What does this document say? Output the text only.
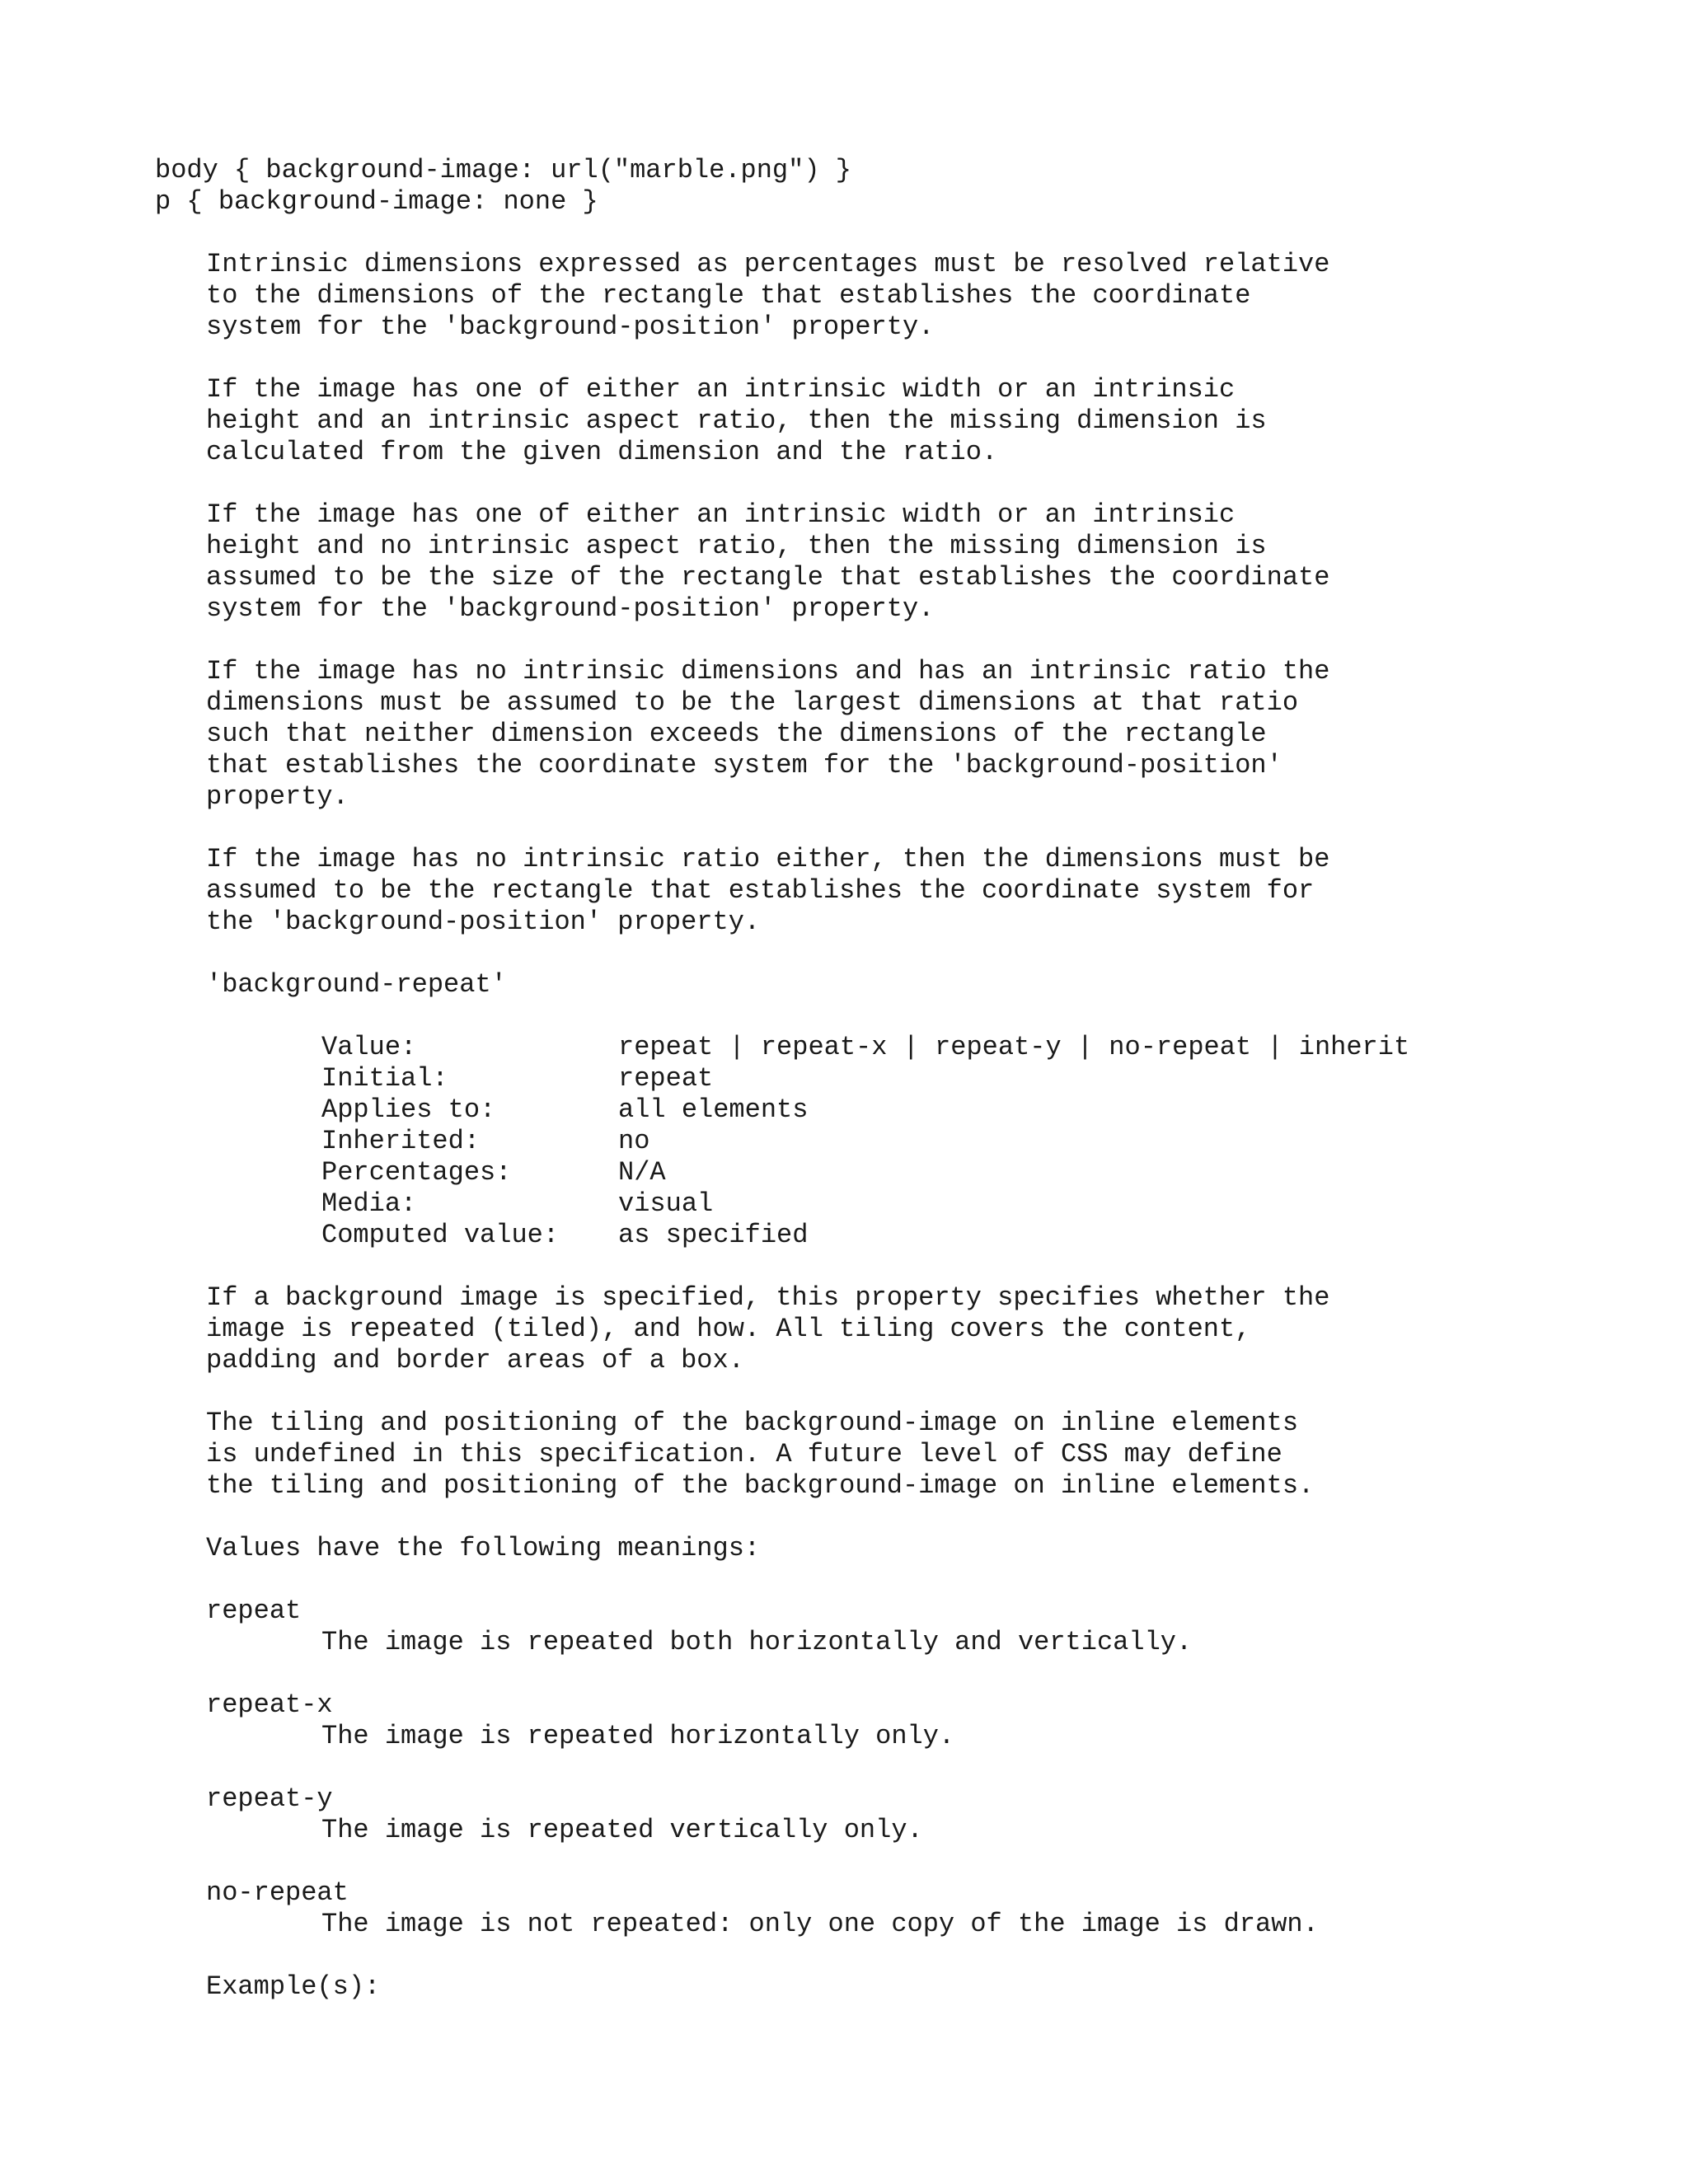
body { background-image: url("marble.png") }
p { background-image: none }
Intrinsic dimensions expressed as percentages must be resolved relative
to the dimensions of the rectangle that establishes the coordinate
system for the 'background-position' property.
If the image has one of either an intrinsic width or an intrinsic
height and an intrinsic aspect ratio, then the missing dimension is
calculated from the given dimension and the ratio.
If the image has one of either an intrinsic width or an intrinsic
height and no intrinsic aspect ratio, then the missing dimension is
assumed to be the size of the rectangle that establishes the coordinate
system for the 'background-position' property.
If the image has no intrinsic dimensions and has an intrinsic ratio the
dimensions must be assumed to be the largest dimensions at that ratio
such that neither dimension exceeds the dimensions of the rectangle
that establishes the coordinate system for the 'background-position'
property.
If the image has no intrinsic ratio either, then the dimensions must be
assumed to be the rectangle that establishes the coordinate system for
the 'background-position' property.
'background-repeat'
Value:	repeat | repeat-x | repeat-y | no-repeat | inherit
Initial:	repeat
Applies to:	all elements
Inherited:	no
Percentages:	N/A
Media:	visual
Computed value: as specified
If a background image is specified, this property specifies whether the
image is repeated (tiled), and how. All tiling covers the content,
padding and border areas of a box.
The tiling and positioning of the background-image on inline elements
is undefined in this specification. A future level of CSS may define
the tiling and positioning of the background-image on inline elements.
Values have the following meanings:
repeat
The image is repeated both horizontally and vertically.
repeat-x
The image is repeated horizontally only.
repeat-y
The image is repeated vertically only.
no-repeat
The image is not repeated: only one copy of the image is drawn.
Example(s):
